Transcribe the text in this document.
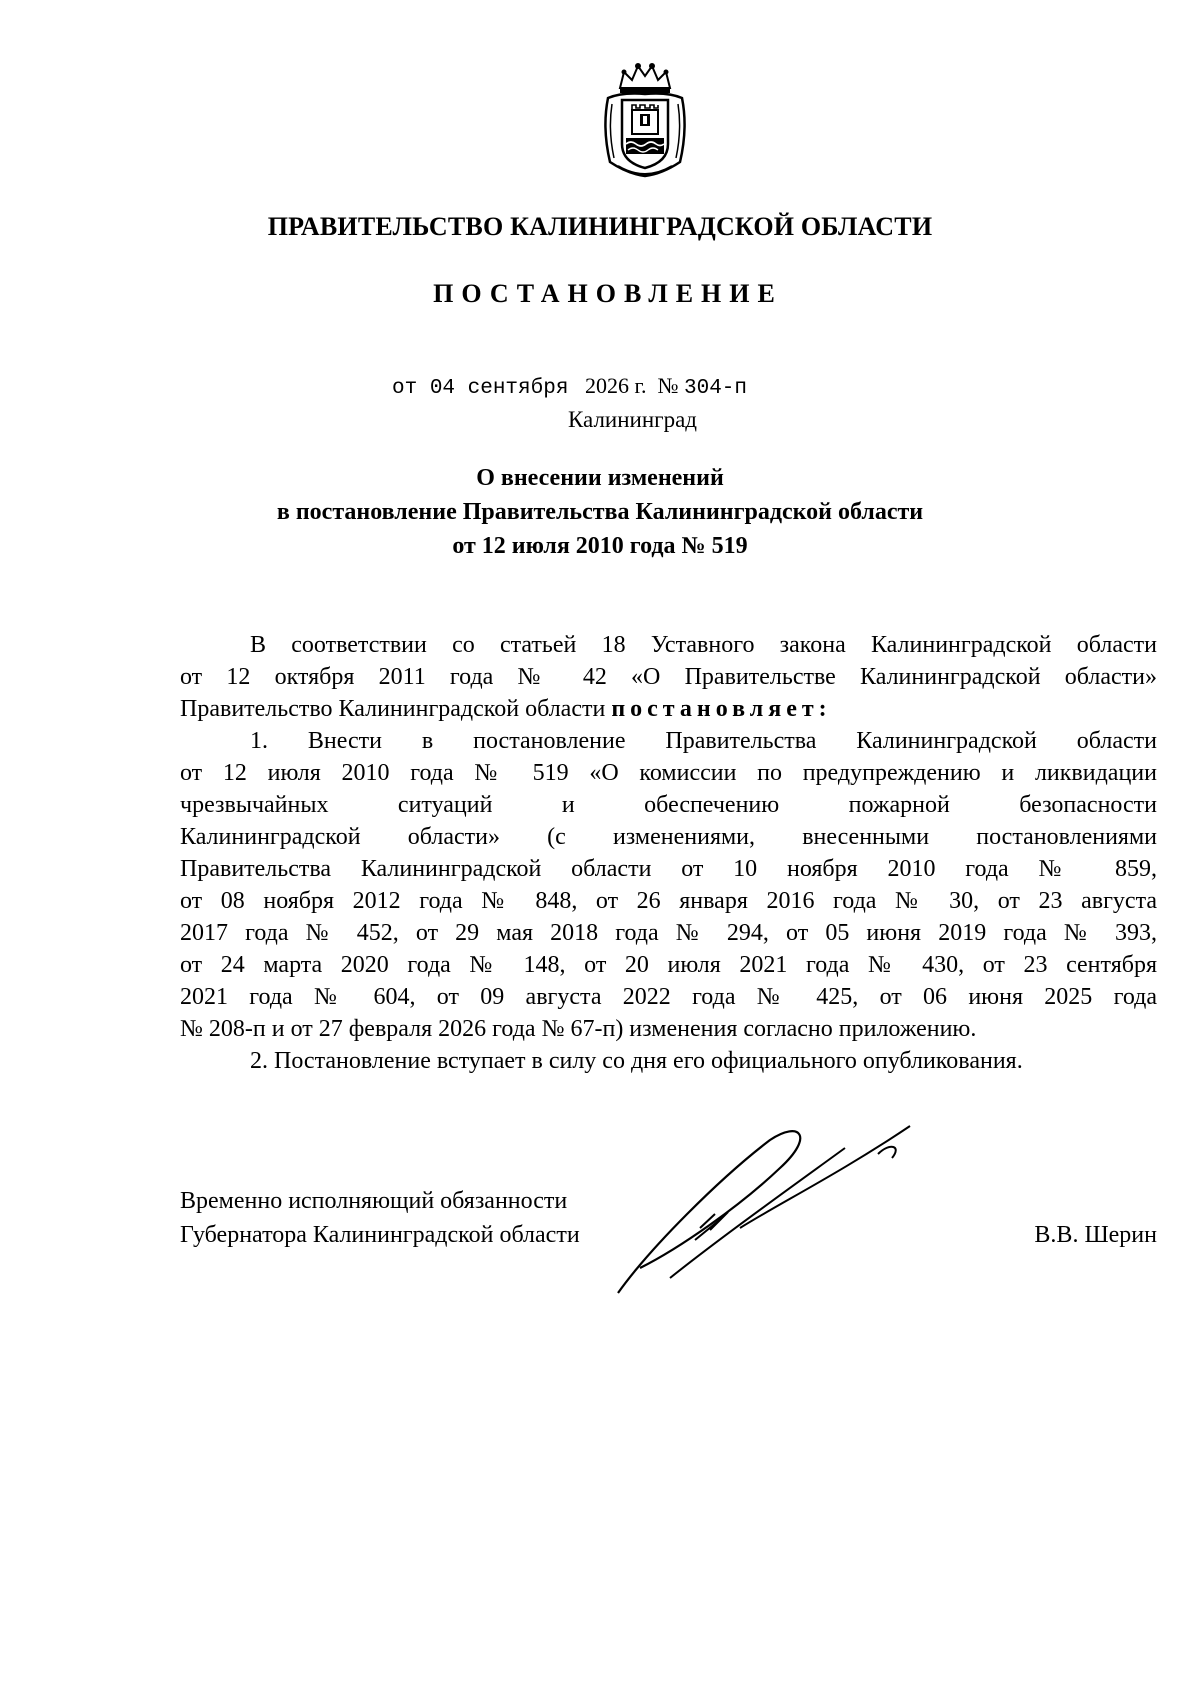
ПРАВИТЕЛЬСТВО КАЛИНИНГРАДСКОЙ ОБЛАСТИ
ПОСТАНОВЛЕНИЕ
от 04 сентября 2026 г. № 304-п
Калининград
О внесении изменений
в постановление Правительства Калининградской области
от 12 июля 2010 года № 519
В соответствии со статьей 18 Уставного закона Калининградской области
от 12 октября 2011 года № 42 «О Правительстве Калининградской области»
Правительство Калининградской области постановляет:
1. Внести в постановление Правительства Калининградской области
от 12 июля 2010 года № 519 «О комиссии по предупреждению и ликвидации
чрезвычайных ситуаций и обеспечению пожарной безопасности
Калининградской области» (с изменениями, внесенными постановлениями
Правительства Калининградской области от 10 ноября 2010 года № 859,
от 08 ноября 2012 года № 848, от 26 января 2016 года № 30, от 23 августа
2017 года № 452, от 29 мая 2018 года № 294, от 05 июня 2019 года № 393,
от 24 марта 2020 года № 148, от 20 июля 2021 года № 430, от 23 сентября
2021 года № 604, от 09 августа 2022 года № 425, от 06 июня 2025 года
№ 208-п и от 27 февраля 2026 года № 67-п) изменения согласно приложению.
2. Постановление вступает в силу со дня его официального опубликования.
Временно исполняющий обязанности
Губернатора Калининградской области	В.В. Шерин
